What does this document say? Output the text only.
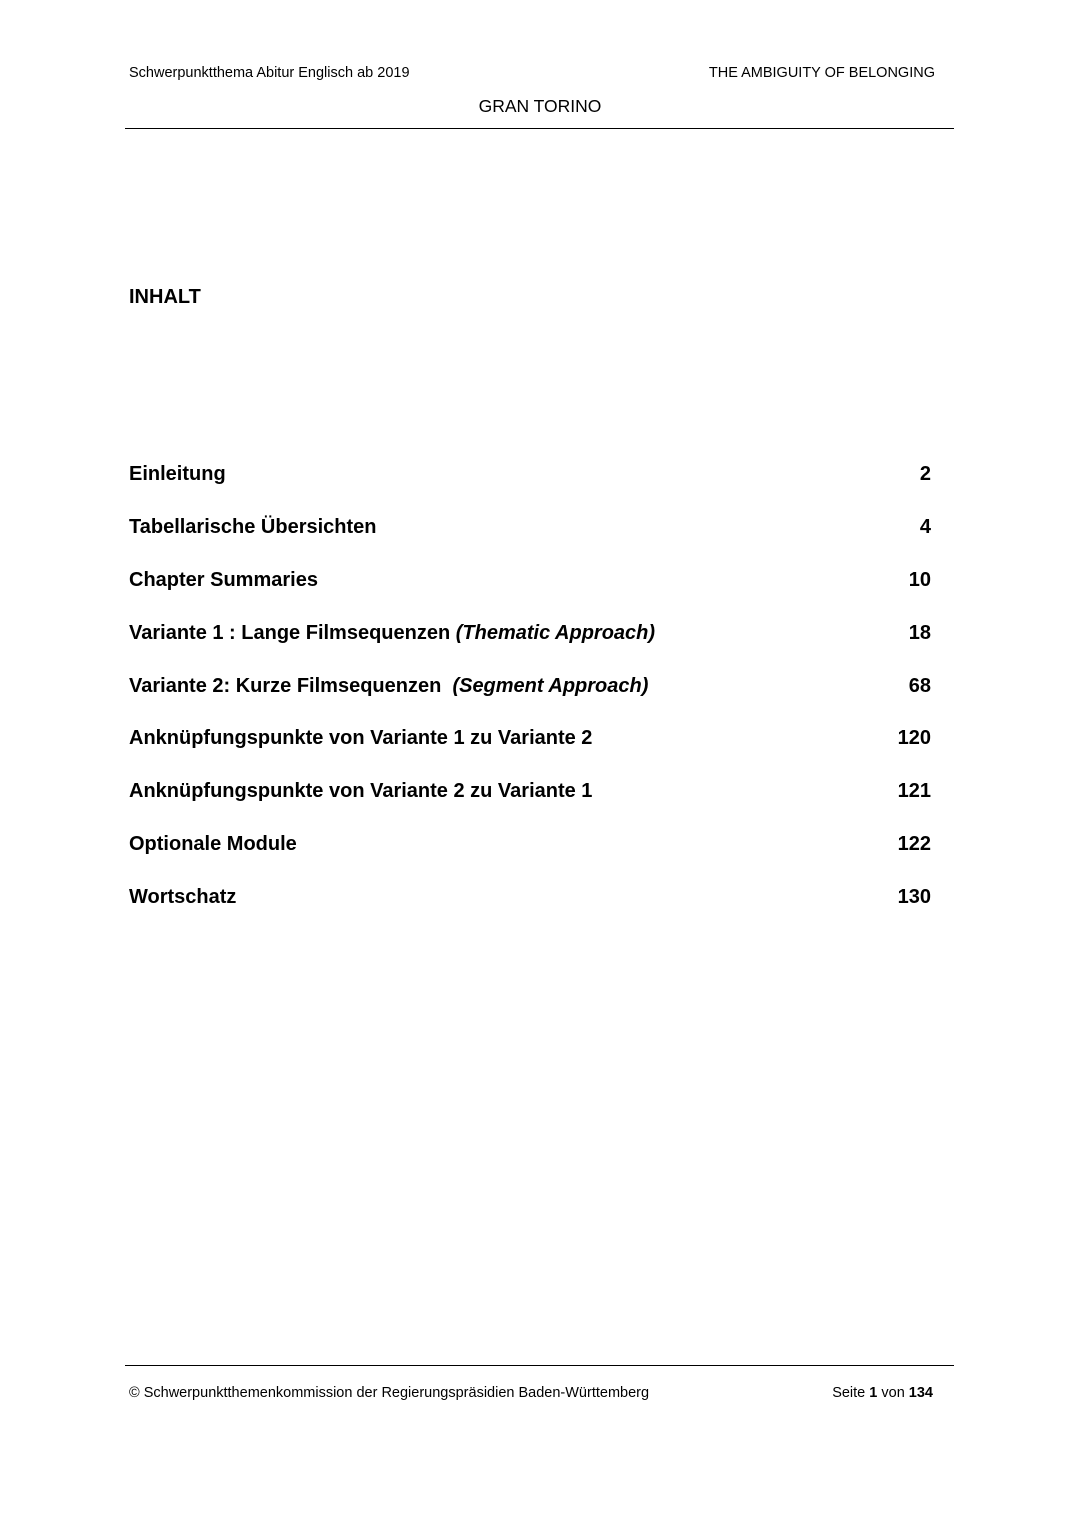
Schwerpunktthema Abitur Englisch ab 2019	THE AMBIGUITY OF BELONGING
GRAN TORINO
INHALT
Einleitung	2
Tabellarische Übersichten	4
Chapter Summaries	10
Variante 1 : Lange Filmsequenzen (Thematic Approach)	18
Variante 2: Kurze Filmsequenzen  (Segment Approach)	68
Anknüpfungspunkte von Variante 1 zu Variante 2	120
Anknüpfungspunkte von Variante 2 zu Variante 1	121
Optionale Module	122
Wortschatz	130
© Schwerpunktthemenkommission der Regierungspräsidien Baden-Württemberg	Seite 1 von 134
